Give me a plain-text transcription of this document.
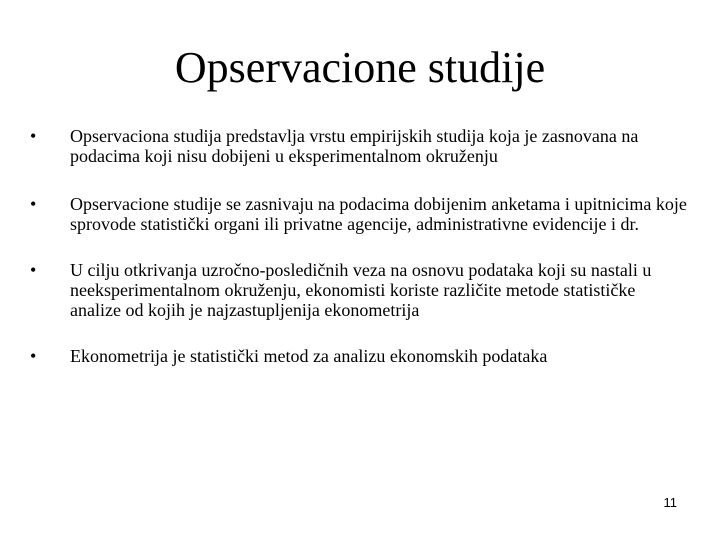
Opservacione studije
•	Opservaciona studija predstavlja vrstu empirijskih studija koja je zasnovana na podacima koji nisu dobijeni u eksperimentalnom okruženju
•	Opservacione studije se zasnivaju na podacima dobijenim anketama i upitnicima koje sprovode statistički organi ili privatne agencije, administrativne evidencije i dr.
•	U cilju otkrivanja uzročno-posledičnih veza na osnovu podataka koji su nastali u neeksperimentalnom okruženju, ekonomisti koriste različite metode statističke analize od kojih je najzastupljenija ekonometrija
•	Ekonometrija je statistički metod za analizu ekonomskih podataka
11
